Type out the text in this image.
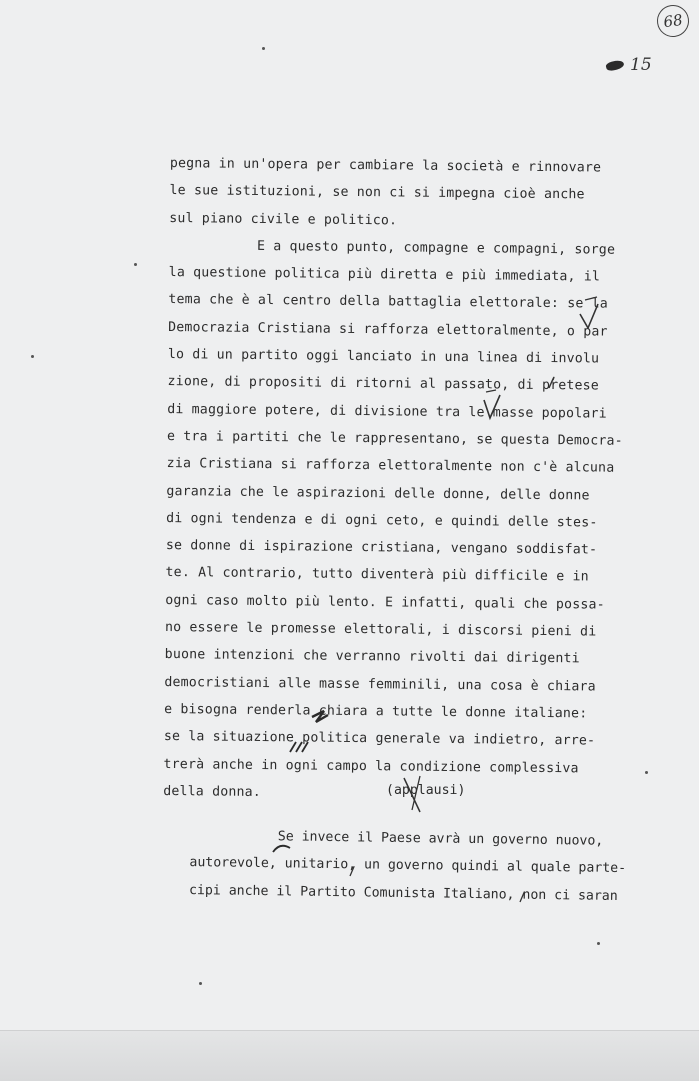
68
15
pegna in un'opera per cambiare la società e rinnovare
le sue istituzioni, se non ci si impegna cioè anche
sul piano civile e politico.
E a questo punto, compagne e compagni, sorge
la questione politica più diretta e più immediata, il
tema che è al centro della battaglia elettorale: se la
Democrazia Cristiana si rafforza elettoralmente, o par
lo di un partito oggi lanciato in una linea di involu
zione, di propositi di ritorni al passato, di pretese
di maggiore potere, di divisione tra le masse popolari
e tra i partiti che le rappresentano, se questa Democra-
zia Cristiana si rafforza elettoralmente non c'è alcuna
garanzia che le aspirazioni delle donne, delle donne
di ogni tendenza e di ogni ceto, e quindi delle stes-
se donne di ispirazione cristiana, vengano soddisfat-
te. Al contrario, tutto diventerà più difficile e in
ogni caso molto più lento. E infatti, quali che possa-
no essere le promesse elettorali, i discorsi pieni di
buone intenzioni che verranno rivolti dai dirigenti
democristiani alle masse femminili, una cosa è chiara
e bisogna renderla chiara a tutte le donne italiane:
se la situazione politica generale va indietro, arre-
trerà anche in ogni campo la condizione complessiva
della donna.	(applausi)
Se invece il Paese avrà un governo nuovo,
autorevole, unitario, un governo quindi al quale parte-
cipi anche il Partito Comunista Italiano, non ci saran
